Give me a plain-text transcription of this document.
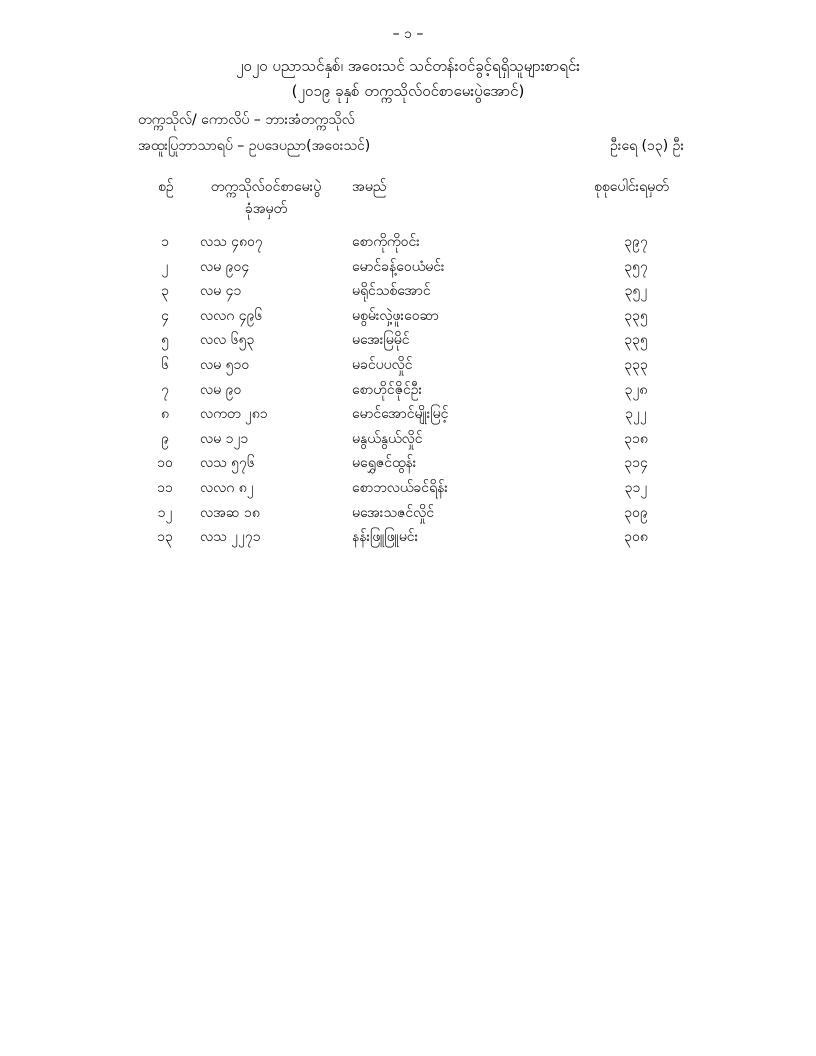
– ၁ –
၂၀၂၀ ပညာသင်နှစ်၊ အဝေးသင် သင်တန်းဝင်ခွင့်ရရှိသူများစာရင်း
(၂၀၁၉ ခုနှစ် တက္ကသိုလ်ဝင်စာမေးပွဲအောင်)
တက္ကသိုလ်/ ကောလိပ် – ဘားအံတက္ကသိုလ်
အထူးပြုဘာသာရပ် – ဥပဒေပညာ(အဝေးသင်)	ဦးရေ (၁၃) ဦး
စဉ်	တက္ကသိုလ်ဝင်စာမေးပွဲ
ခုံအမှတ်
အမည်	စုစုပေါင်းရမှတ်
၁	လသ ၄၈၀၇	စောကိုကိုဝင်း	၃၉၇
၂	လမ ၉၀၄	မောင်ခန့်ဝေယံမင်း	၃၅၇
၃	လမ ၄၁	မရိုင်သစ်အောင်	၃၅၂
၄	လလဂ ၄၉၆	မစွမ်းလှဲ့ဖူးဝေဆာ	၃၃၅
၅	လလ ၆၅၃	မအေးမြမိုင်	၃၃၅
၆	လမ ၅၁၀	မခင်ပပလှိုင်	၃၃၃
၇	လမ ၉၀	စောဟိုင်ဇိုင်ဦး	၃၂၈
၈	လကတ ၂၈၁	မောင်အောင်မျိုးမြင့်	၃၂၂
၉	လမ ၁၂၁	မနွယ်နွယ်လှိုင်	၃၁၈
၁၀	လသ ၅၇၆	မရွှေဇင်ထွန်း	၃၁၄
၁၁	လလဂ ၈၂	စောဘလယ်ခင်ရိန်း	၃၁၂
၁၂	လအဆ ၁၈	မအေးသဇင်လှိုင်	၃၀၉
၁၃	လသ ၂၂၇၁	နန်းဖြူဖြူမင်း	၃၀၈
